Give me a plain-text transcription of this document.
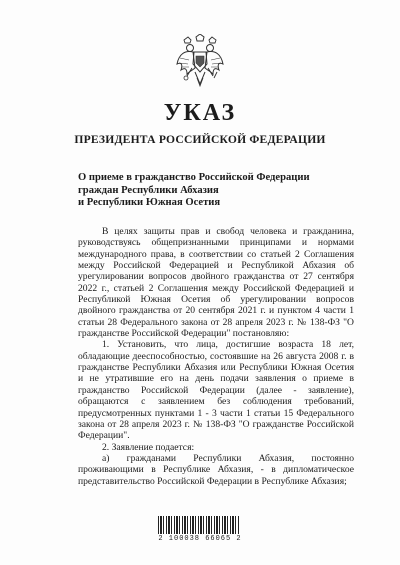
УКАЗ
ПРЕЗИДЕНТА РОССИЙСКОЙ ФЕДЕРАЦИИ
О приеме в гражданство Российской Федерации
граждан Республики Абхазия
и Республики Южная Осетия

В целях защиты прав и свобод человека и гражданина, руководствуясь общепризнанными принципами и нормами международного права, в соответствии со статьей 2 Соглашения между Российской Федерацией и Республикой Абхазия об урегулировании вопросов двойного гражданства от 27 сентября 2022 г., статьей 2 Соглашения между Российской Федерацией и Республикой Южная Осетия об урегулировании вопросов двойного гражданства от 20 сентября 2021 г. и пунктом 4 части 1 статьи 28 Федерального закона от 28 апреля 2023 г. № 138-ФЗ "О гражданстве Российской Федерации" постановляю:

1. Установить, что лица, достигшие возраста 18 лет, обладающие дееспособностью, состоявшие на 26 августа 2008 г. в гражданстве Республики Абхазия или Республики Южная Осетия и не утратившие его на день подачи заявления о приеме в гражданство Российской Федерации (далее - заявление), обращаются с заявлением без соблюдения требований, предусмотренных пунктами 1 - 3 части 1 статьи 15 Федерального закона от 28 апреля 2023 г. № 138-ФЗ "О гражданстве Российской Федерации".

2. Заявление подается:

а) гражданами Республики Абхазия, постоянно проживающими в Республике Абхазия, - в дипломатическое представительство Российской Федерации в Республике Абхазия;

2 100038 66065 2
